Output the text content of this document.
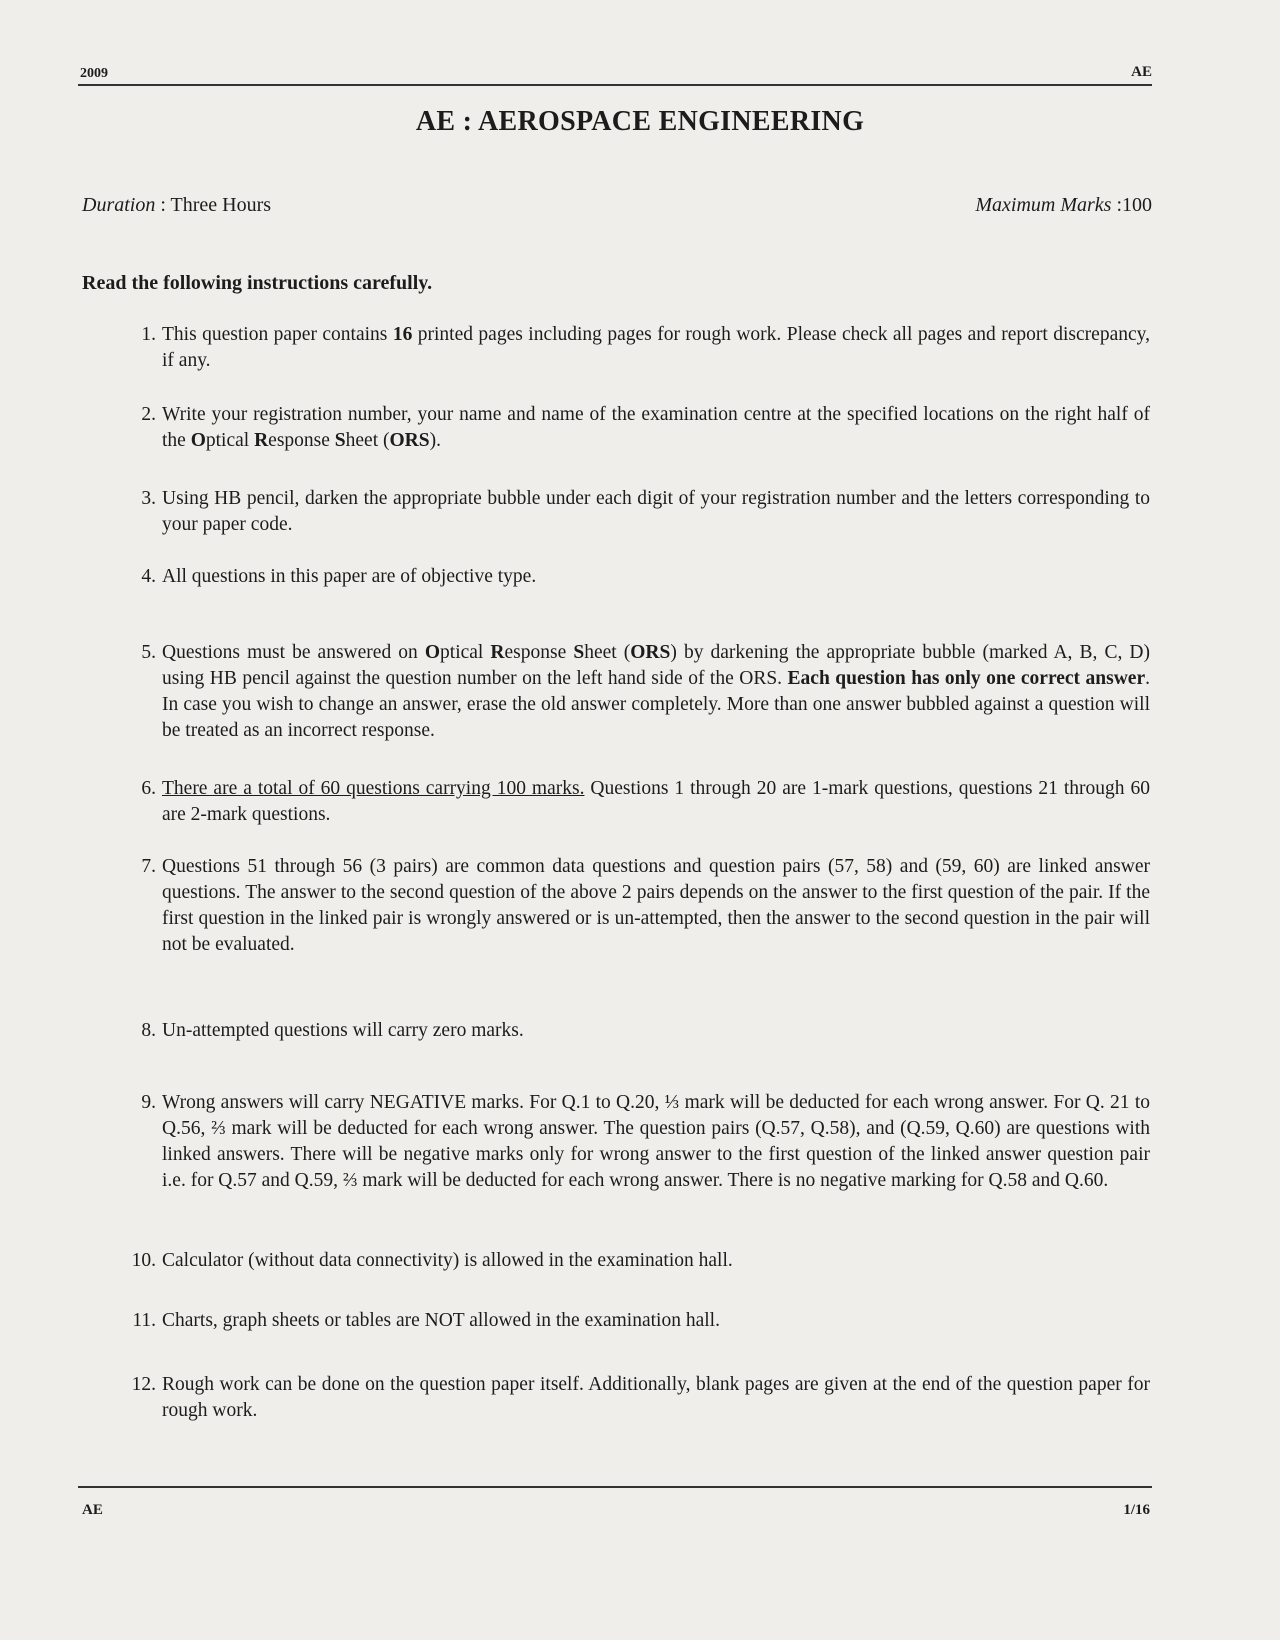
2009	AE
AE : AEROSPACE ENGINEERING
Duration : Three Hours	Maximum Marks :100
Read the following instructions carefully.
1. This question paper contains 16 printed pages including pages for rough work. Please check all pages and report discrepancy, if any.
2. Write your registration number, your name and name of the examination centre at the specified locations on the right half of the Optical Response Sheet (ORS).
3. Using HB pencil, darken the appropriate bubble under each digit of your registration number and the letters corresponding to your paper code.
4. All questions in this paper are of objective type.
5. Questions must be answered on Optical Response Sheet (ORS) by darkening the appropriate bubble (marked A, B, C, D) using HB pencil against the question number on the left hand side of the ORS. Each question has only one correct answer. In case you wish to change an answer, erase the old answer completely. More than one answer bubbled against a question will be treated as an incorrect response.
6. There are a total of 60 questions carrying 100 marks. Questions 1 through 20 are 1-mark questions, questions 21 through 60 are 2-mark questions.
7. Questions 51 through 56 (3 pairs) are common data questions and question pairs (57, 58) and (59, 60) are linked answer questions. The answer to the second question of the above 2 pairs depends on the answer to the first question of the pair. If the first question in the linked pair is wrongly answered or is un-attempted, then the answer to the second question in the pair will not be evaluated.
8. Un-attempted questions will carry zero marks.
9. Wrong answers will carry NEGATIVE marks. For Q.1 to Q.20, ⅓ mark will be deducted for each wrong answer. For Q. 21 to Q.56, ⅔ mark will be deducted for each wrong answer. The question pairs (Q.57, Q.58), and (Q.59, Q.60) are questions with linked answers. There will be negative marks only for wrong answer to the first question of the linked answer question pair i.e. for Q.57 and Q.59, ⅔ mark will be deducted for each wrong answer. There is no negative marking for Q.58 and Q.60.
10. Calculator (without data connectivity) is allowed in the examination hall.
11. Charts, graph sheets or tables are NOT allowed in the examination hall.
12. Rough work can be done on the question paper itself. Additionally, blank pages are given at the end of the question paper for rough work.
AE	1/16
